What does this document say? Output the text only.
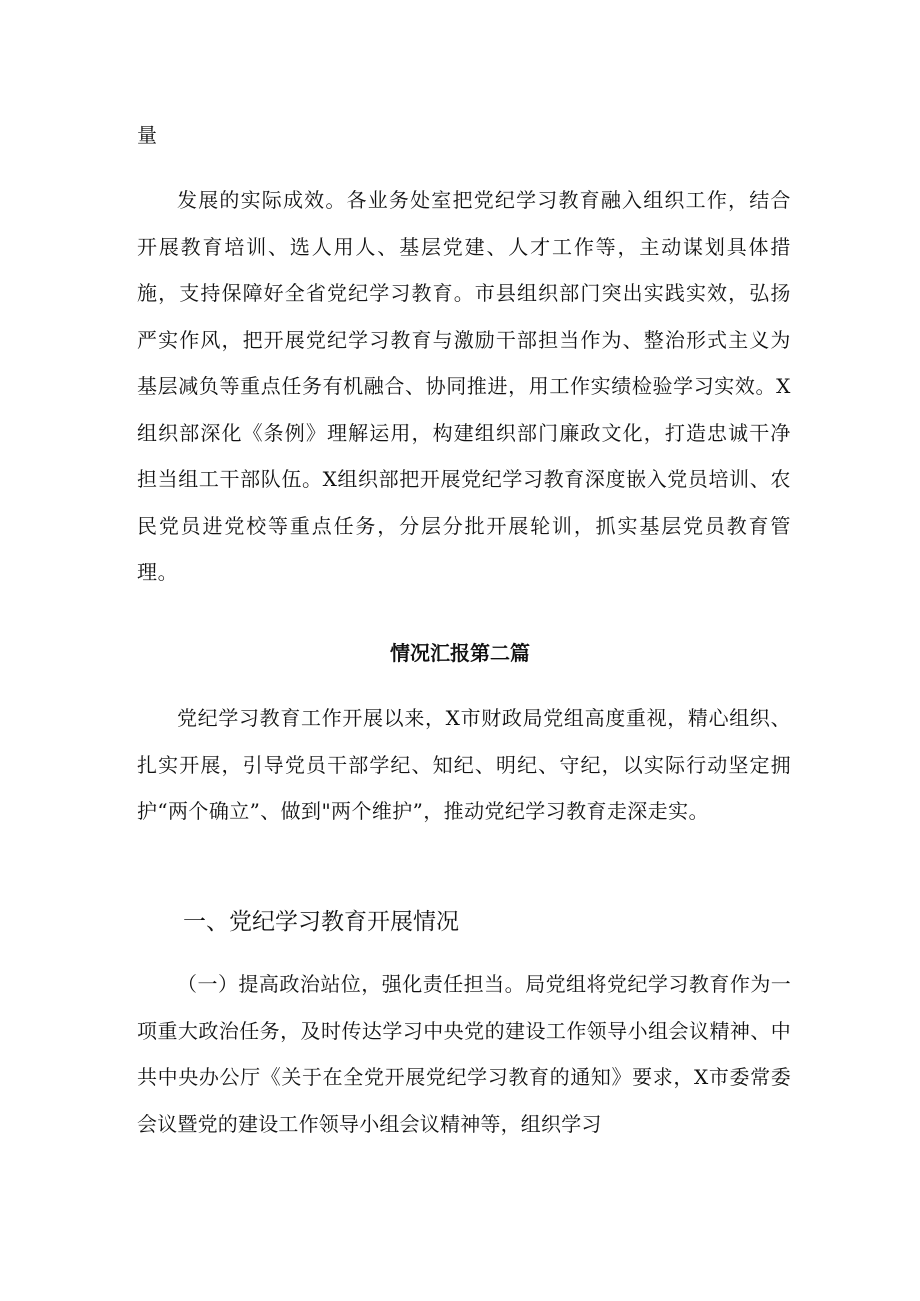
量

发展的实际成效。各业务处室把党纪学习教育融入组织工作，结合开展教育培训、选人用人、基层党建、人才工作等，主动谋划具体措施，支持保障好全省党纪学习教育。市县组织部门突出实践实效，弘扬严实作风，把开展党纪学习教育与激励干部担当作为、整治形式主义为基层减负等重点任务有机融合、协同推进，用工作实绩检验学习实效。X组织部深化《条例》理解运用，构建组织部门廉政文化，打造忠诚干净担当组工干部队伍。X组织部把开展党纪学习教育深度嵌入党员培训、农民党员进党校等重点任务，分层分批开展轮训，抓实基层党员教育管理。

情况汇报第二篇

党纪学习教育工作开展以来，X市财政局党组高度重视，精心组织、扎实开展，引导党员干部学纪、知纪、明纪、守纪，以实际行动坚定拥护“两个确立”、做到"两个维护”，推动党纪学习教育走深走实。

一、党纪学习教育开展情况

（一）提高政治站位，强化责任担当。局党组将党纪学习教育作为一项重大政治任务，及时传达学习中央党的建设工作领导小组会议精神、中共中央办公厅《关于在全党开展党纪学习教育的通知》要求，X市委常委会议暨党的建设工作领导小组会议精神等，组织学习
